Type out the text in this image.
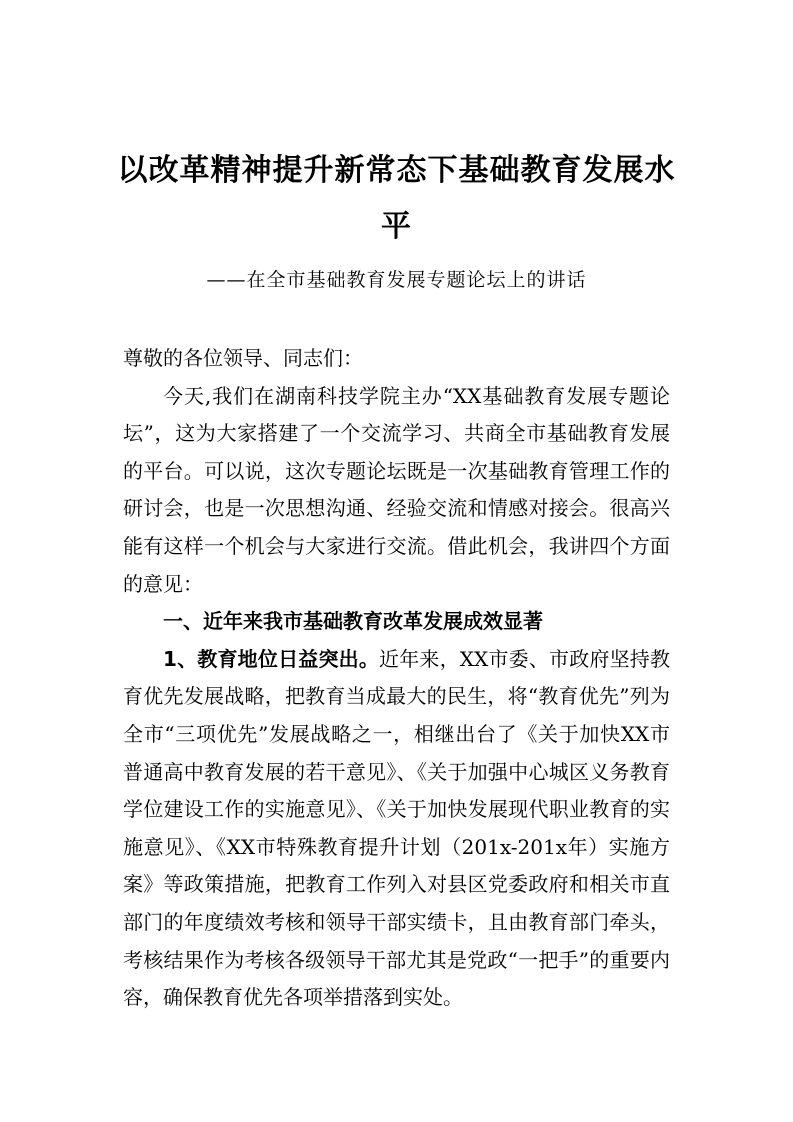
以改革精神提升新常态下基础教育发展水平

——在全市基础教育发展专题论坛上的讲话

尊敬的各位领导、同志们：

今天,我们在湖南科技学院主办“XX基础教育发展专题论坛”，这为大家搭建了一个交流学习、共商全市基础教育发展的平台。可以说，这次专题论坛既是一次基础教育管理工作的研讨会，也是一次思想沟通、经验交流和情感对接会。很高兴能有这样一个机会与大家进行交流。借此机会，我讲四个方面的意见：

一、近年来我市基础教育改革发展成效显著

1、教育地位日益突出。近年来，XX市委、市政府坚持教育优先发展战略，把教育当成最大的民生，将“教育优先”列为全市“三项优先”发展战略之一，相继出台了《关于加快XX市普通高中教育发展的若干意见》、《关于加强中心城区义务教育学位建设工作的实施意见》、《关于加快发展现代职业教育的实施意见》、《XX市特殊教育提升计划（201x-201x年）实施方案》等政策措施，把教育工作列入对县区党委政府和相关市直部门的年度绩效考核和领导干部实绩卡，且由教育部门牵头，考核结果作为考核各级领导干部尤其是党政“一把手”的重要内容，确保教育优先各项举措落到实处。
